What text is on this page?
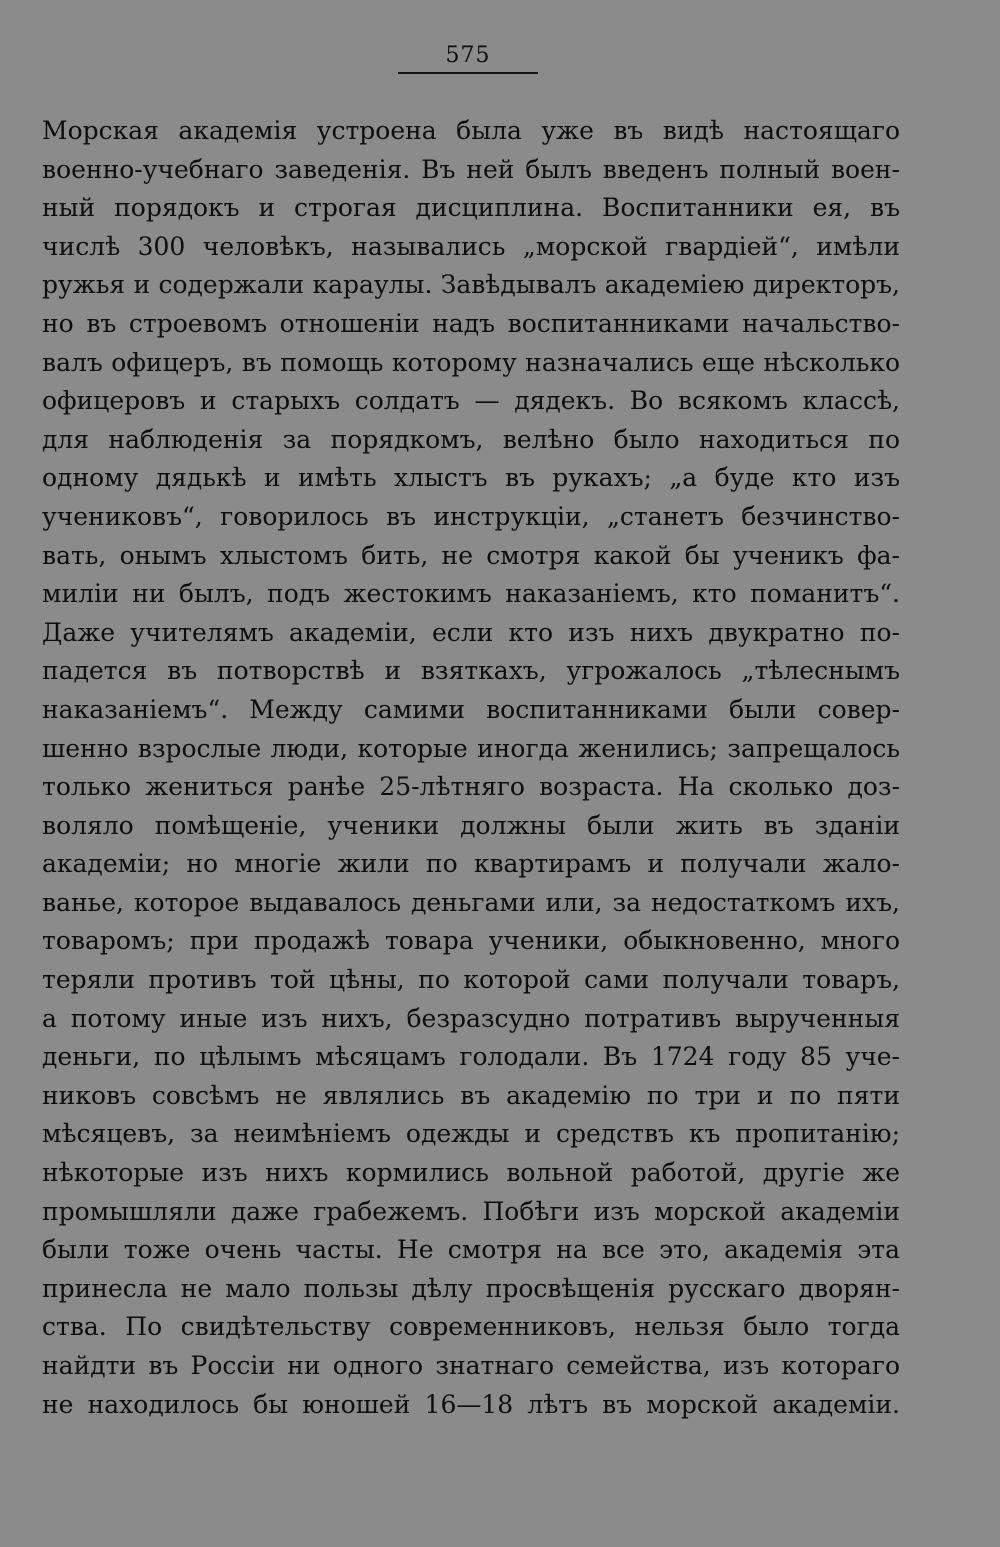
575
Морская академія устроена была уже въ видѣ настоящаго
военно-учебнаго заведенія. Въ ней былъ введенъ полный воен-
ный порядокъ и строгая дисциплина. Воспитанники ея, въ
числѣ 300 человѣкъ, назывались „морской гвардіей“, имѣли
ружья и содержали караулы. Завѣдывалъ академіею директоръ,
но въ строевомъ отношеніи надъ воспитанниками начальство-
валъ офицеръ, въ помощь которому назначались еще нѣсколько
офицеровъ и старыхъ солдатъ — дядекъ. Во всякомъ классѣ,
для наблюденія за порядкомъ, велѣно было находиться по
одному дядькѣ и имѣть хлыстъ въ рукахъ; „а буде кто изъ
учениковъ“, говорилось въ инструкціи, „станетъ безчинство-
вать, онымъ хлыстомъ бить, не смотря какой бы ученикъ фа-
миліи ни былъ, подъ жестокимъ наказаніемъ, кто поманитъ“.
Даже учителямъ академіи, если кто изъ нихъ двукратно по-
падется въ потворствѣ и взяткахъ, угрожалось „тѣлеснымъ
наказаніемъ“. Между самими воспитанниками были совер-
шенно взрослые люди, которые иногда женились; запрещалось
только жениться ранѣе 25-лѣтняго возраста. На сколько доз-
воляло помѣщеніе, ученики должны были жить въ зданіи
академіи; но многіе жили по квартирамъ и получали жало-
ванье, которое выдавалось деньгами или, за недостаткомъ ихъ,
товаромъ; при продажѣ товара ученики, обыкновенно, много
теряли противъ той цѣны, по которой сами получали товаръ,
а потому иные изъ нихъ, безразсудно потративъ вырученныя
деньги, по цѣлымъ мѣсяцамъ голодали. Въ 1724 году 85 уче-
никовъ совсѣмъ не являлись въ академію по три и по пяти
мѣсяцевъ, за неимѣніемъ одежды и средствъ къ пропитанію;
нѣкоторые изъ нихъ кормились вольной работой, другіе же
промышляли даже грабежемъ. Побѣги изъ морской академіи
были тоже очень часты. Не смотря на все это, академія эта
принесла не мало пользы дѣлу просвѣщенія русскаго дворян-
ства. По свидѣтельству современниковъ, нельзя было тогда
найдти въ Россіи ни одного знатнаго семейства, изъ котораго
не находилось бы юношей 16—18 лѣтъ въ морской академіи.
